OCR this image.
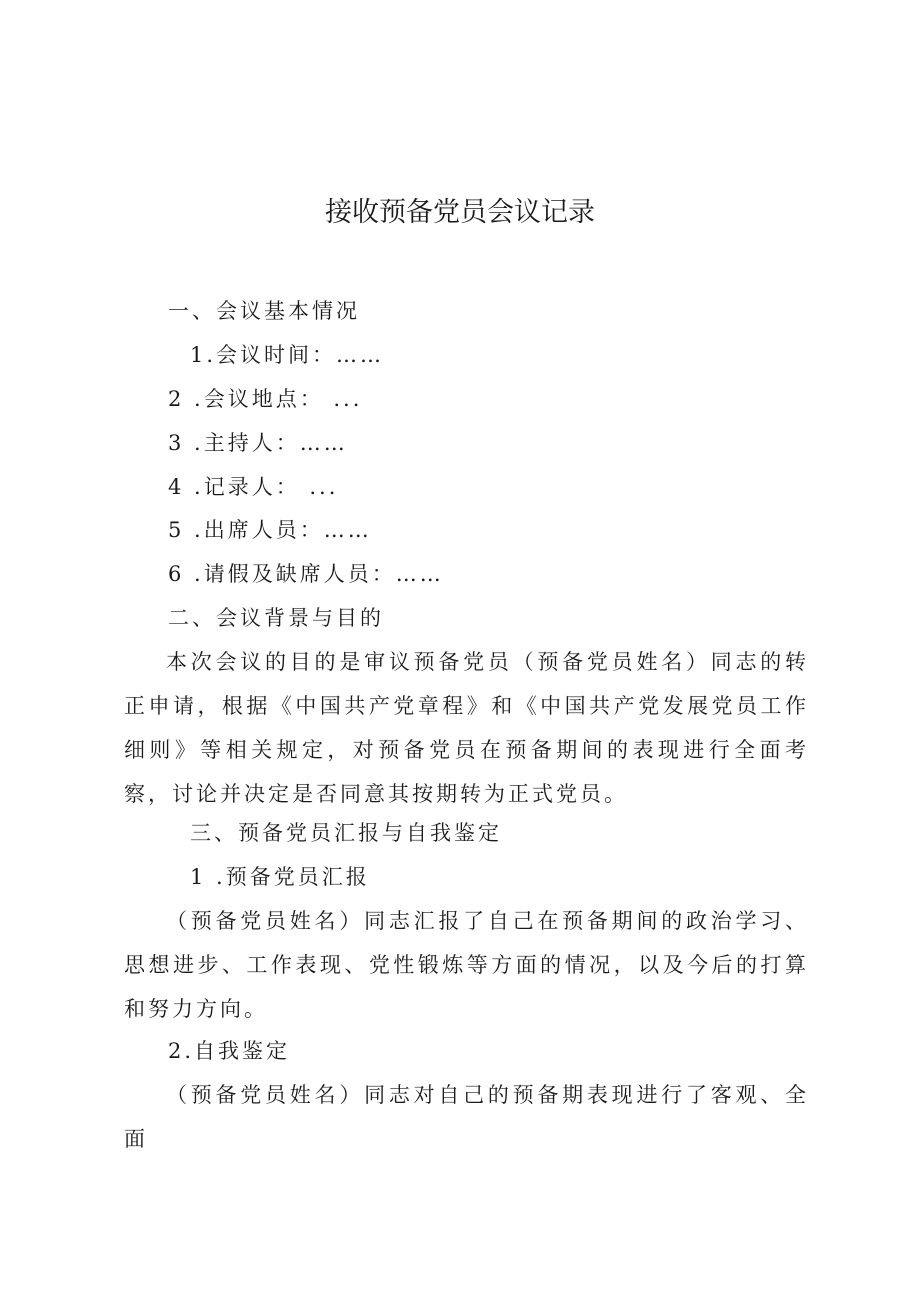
接收预备党员会议记录

一、会议基本情况

1.会议时间：……

2 .会议地点： ...

3 .主持人：……

4 .记录人： ...

5 .出席人员：……

6 .请假及缺席人员：……

二、会议背景与目的

本次会议的目的是审议预备党员（预备党员姓名）同志的转正申请，根据《中国共产党章程》和《中国共产党发展党员工作细则》等相关规定，对预备党员在预备期间的表现进行全面考察，讨论并决定是否同意其按期转为正式党员。

三、预备党员汇报与自我鉴定

1 .预备党员汇报

（预备党员姓名）同志汇报了自己在预备期间的政治学习、思想进步、工作表现、党性锻炼等方面的情况，以及今后的打算和努力方向。

2.自我鉴定

（预备党员姓名）同志对自己的预备期表现进行了客观、全面
